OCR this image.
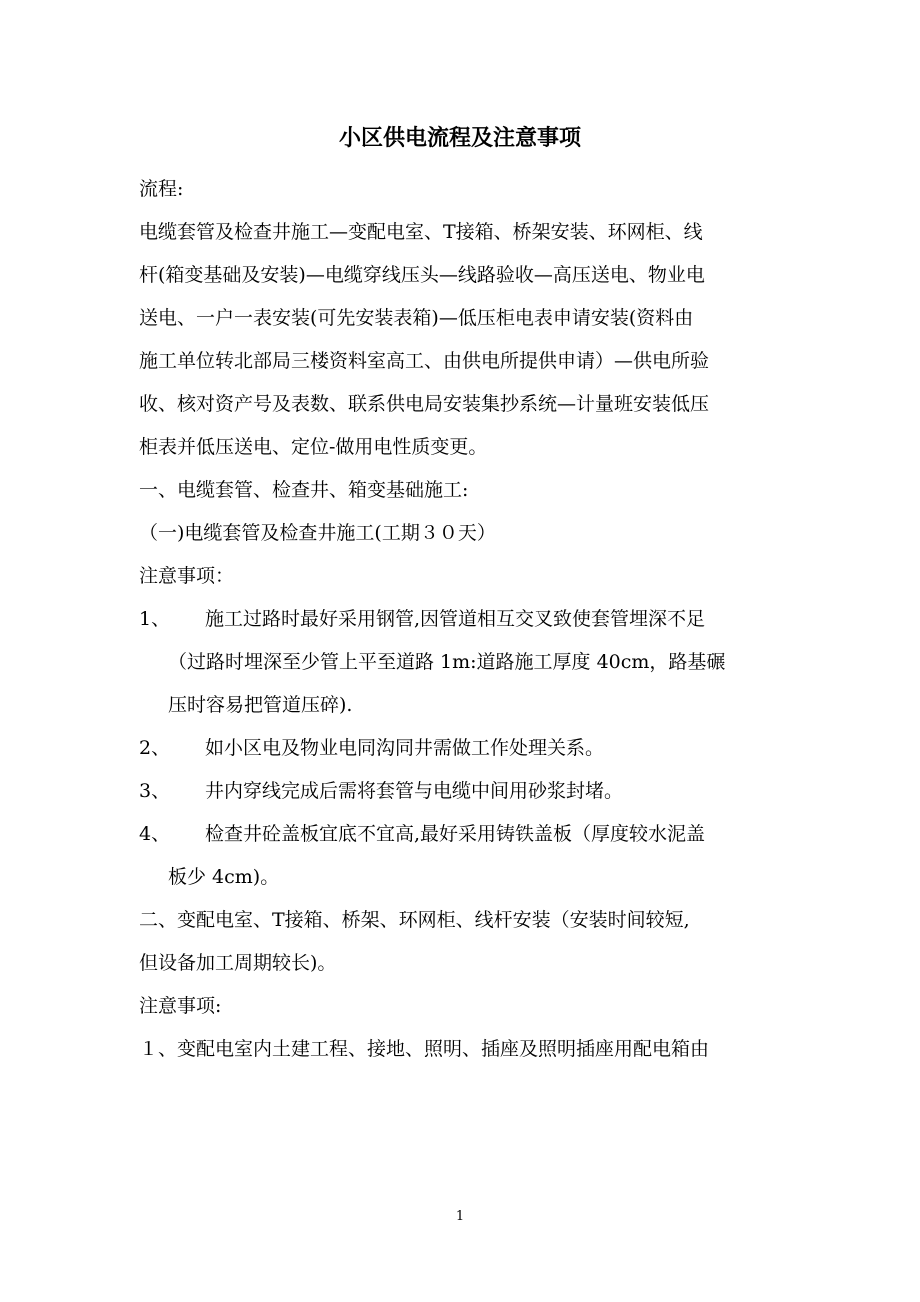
小区供电流程及注意事项
流程:
电缆套管及检查井施工—变配电室、T接箱、桥架安装、环网柜、线
杆(箱变基础及安装)—电缆穿线压头—线路验收—高压送电、物业电
送电、一户一表安装(可先安装表箱)—低压柜电表申请安装(资料由
施工单位转北部局三楼资料室高工、由供电所提供申请）—供电所验
收、核对资产号及表数、联系供电局安装集抄系统—计量班安装低压
柜表并低压送电、定位-做用电性质变更。
一、电缆套管、检查井、箱变基础施工:
（一)电缆套管及检查井施工(工期３０天）
注意事项：
1、	施工过路时最好采用钢管,因管道相互交叉致使套管埋深不足
（过路时埋深至少管上平至道路 1m:道路施工厚度 40cm，路基碾
压时容易把管道压碎).
2、	如小区电及物业电同沟同井需做工作处理关系。
3、	井内穿线完成后需将套管与电缆中间用砂浆封堵。
4、	检查井砼盖板宜底不宜高,最好采用铸铁盖板（厚度较水泥盖
板少 4cm)。
二、变配电室、T接箱、桥架、环网柜、线杆安装（安装时间较短,
但设备加工周期较长)。
注意事项:
１、变配电室内土建工程、接地、照明、插座及照明插座用配电箱由
1
